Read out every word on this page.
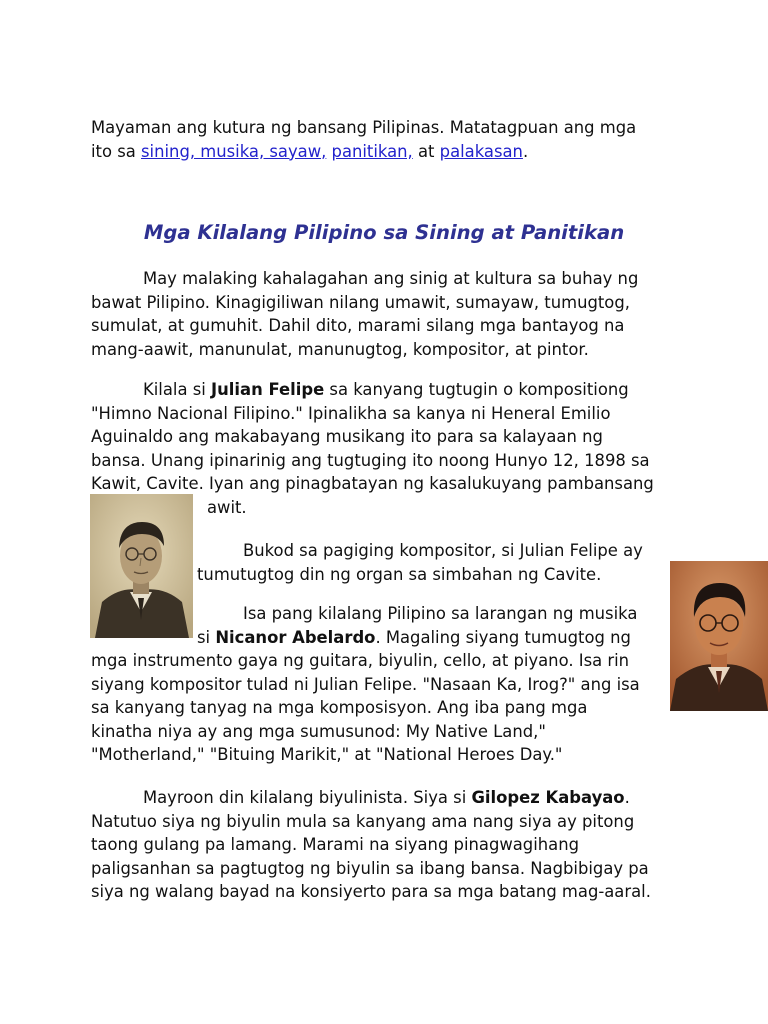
Mayaman ang kutura ng bansang Pilipinas. Matatagpuan ang mga
ito sa sining, musika, sayaw, panitikan, at palakasan.
Mga Kilalang Pilipino sa Sining at Panitikan
May malaking kahalagahan ang sinig at kultura sa buhay ng
bawat Pilipino. Kinagigiliwan nilang umawit, sumayaw, tumugtog,
sumulat, at gumuhit. Dahil dito, marami silang mga bantayog na
mang-aawit, manunulat, manunugtog, kompositor, at pintor.
Kilala si Julian Felipe sa kanyang tugtugin o kompositiong
"Himno Nacional Filipino." Ipinalikha sa kanya ni Heneral Emilio
Aguinaldo ang makabayang musikang ito para sa kalayaan ng
bansa. Unang ipinarinig ang tugtuging ito noong Hunyo 12, 1898 sa
Kawit, Cavite. Iyan ang pinagbatayan ng kasalukuyang pambansang
awit.
Bukod sa pagiging kompositor, si Julian Felipe ay
tumutugtog din ng organ sa simbahan ng Cavite.
Isa pang kilalang Pilipino sa larangan ng musika
si Nicanor Abelardo. Magaling siyang tumugtog ng
mga instrumento gaya ng guitara, biyulin, cello, at piyano. Isa rin
siyang kompositor tulad ni Julian Felipe. "Nasaan Ka, Irog?" ang isa
sa kanyang tanyag na mga komposisyon. Ang iba pang mga
kinatha niya ay ang mga sumusunod: My Native Land,"
"Motherland," "Bituing Marikit," at "National Heroes Day."
Mayroon din kilalang biyulinista. Siya si Gilopez Kabayao.
Natutuo siya ng biyulin mula sa kanyang ama nang siya ay pitong
taong gulang pa lamang. Marami na siyang pinagwagihang
paligsanhan sa pagtugtog ng biyulin sa ibang bansa. Nagbibigay pa
siya ng walang bayad na konsiyerto para sa mga batang mag-aaral.
